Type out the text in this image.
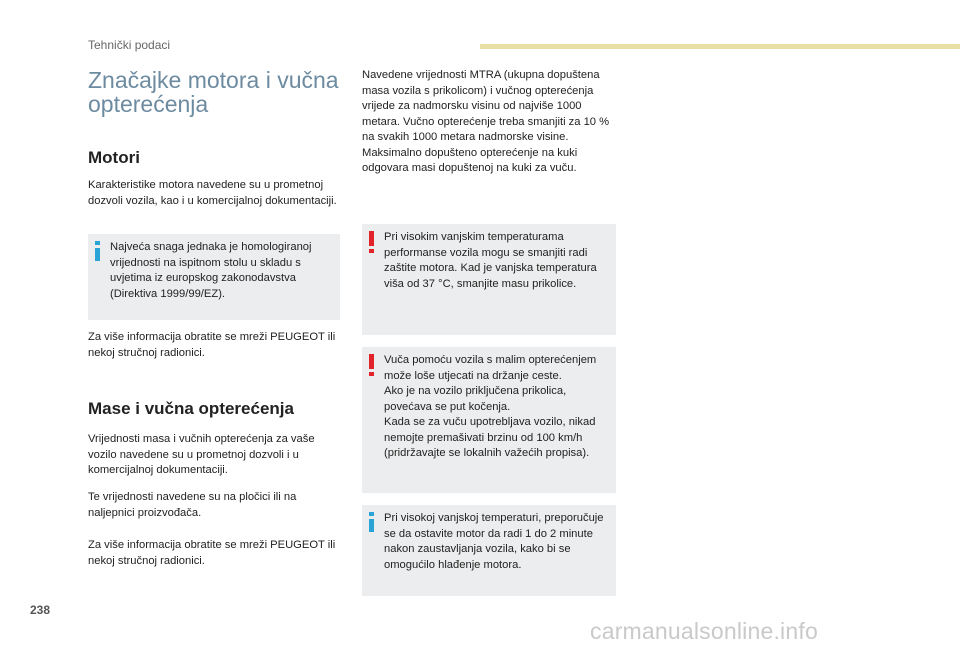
Tehnički podaci
Značajke motora i vučna opterećenja
Motori

Karakteristike motora navedene su u prometnoj dozvoli vozila, kao i u komercijalnoj dokumentaciji.

Najveća snaga jednaka je homologiranoj vrijednosti na ispitnom stolu u skladu s uvjetima iz europskog zakonodavstva (Direktiva 1999/99/EZ).

Za više informacija obratite se mreži PEUGEOT ili nekoj stručnoj radionici.

Mase i vučna opterećenja

Vrijednosti masa i vučnih opterećenja za vaše vozilo navedene su u prometnoj dozvoli i u komercijalnoj dokumentaciji.

Te vrijednosti navedene su na pločici ili na naljepnici proizvođača.

Za više informacija obratite se mreži PEUGEOT ili nekoj stručnoj radionici.

Navedene vrijednosti MTRA (ukupna dopuštena masa vozila s prikolicom) i vučnog opterećenja vrijede za nadmorsku visinu od najviše 1000 metara. Vučno opterećenje treba smanjiti za 10 % na svakih 1000 metara nadmorske visine.
Maksimalno dopušteno opterećenje na kuki odgovara masi dopuštenoj na kuki za vuču.

Pri visokim vanjskim temperaturama performanse vozila mogu se smanjiti radi zaštite motora. Kad je vanjska temperatura viša od 37 °C, smanjite masu prikolice.
Vuča pomoću vozila s malim opterećenjem može loše utjecati na držanje ceste.
Ako je na vozilo priključena prikolica, povećava se put kočenja.
Kada se za vuču upotrebljava vozilo, nikad nemojte premašivati brzinu od 100 km/h (pridržavajte se lokalnih važećih propisa).
Pri visokoj vanjskoj temperaturi, preporučuje se da ostavite motor da radi 1 do 2 minute nakon zaustavljanja vozila, kako bi se omogućilo hlađenje motora.
238
carmanualsonline.info
